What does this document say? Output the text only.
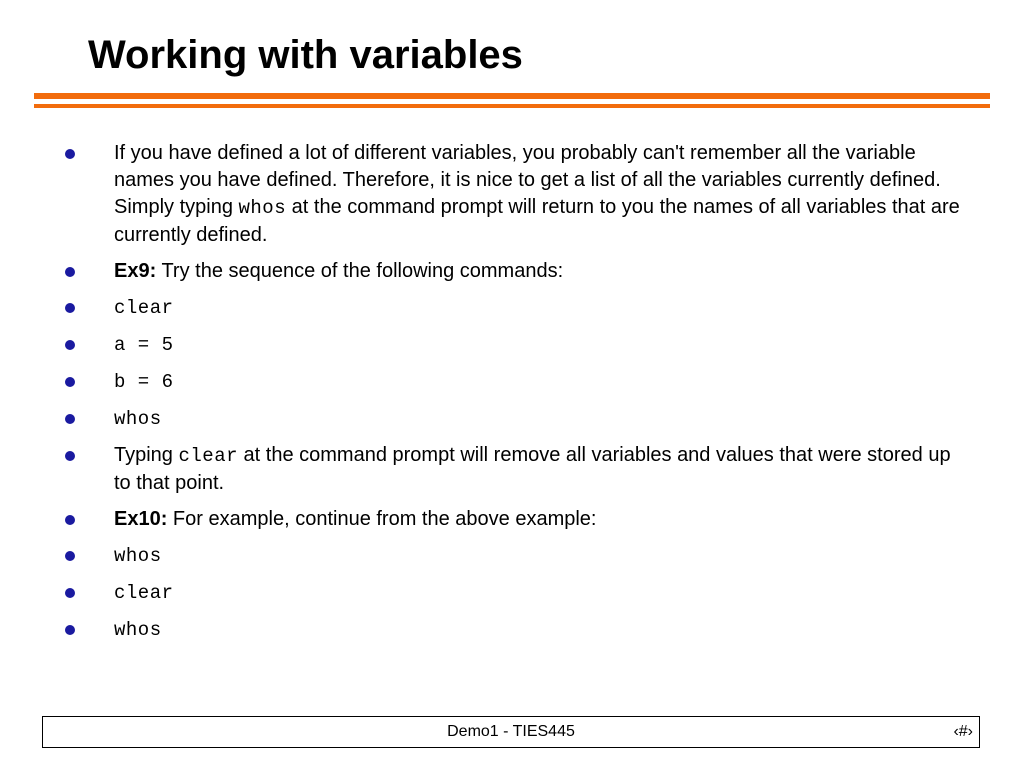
Working with variables
If you have defined a lot of different variables, you probably can't remember all the variable names you have defined. Therefore, it is nice to get a list of all the variables currently defined. Simply typing whos at the command prompt will return to you the names of all variables that are currently defined.
Ex9: Try the sequence of the following commands:
clear
a = 5
b = 6
whos
Typing clear at the command prompt will remove all variables and values that were stored up to that point.
Ex10: For example, continue from the above example:
whos
clear
whos
Demo1 - TIES445	‹#›
